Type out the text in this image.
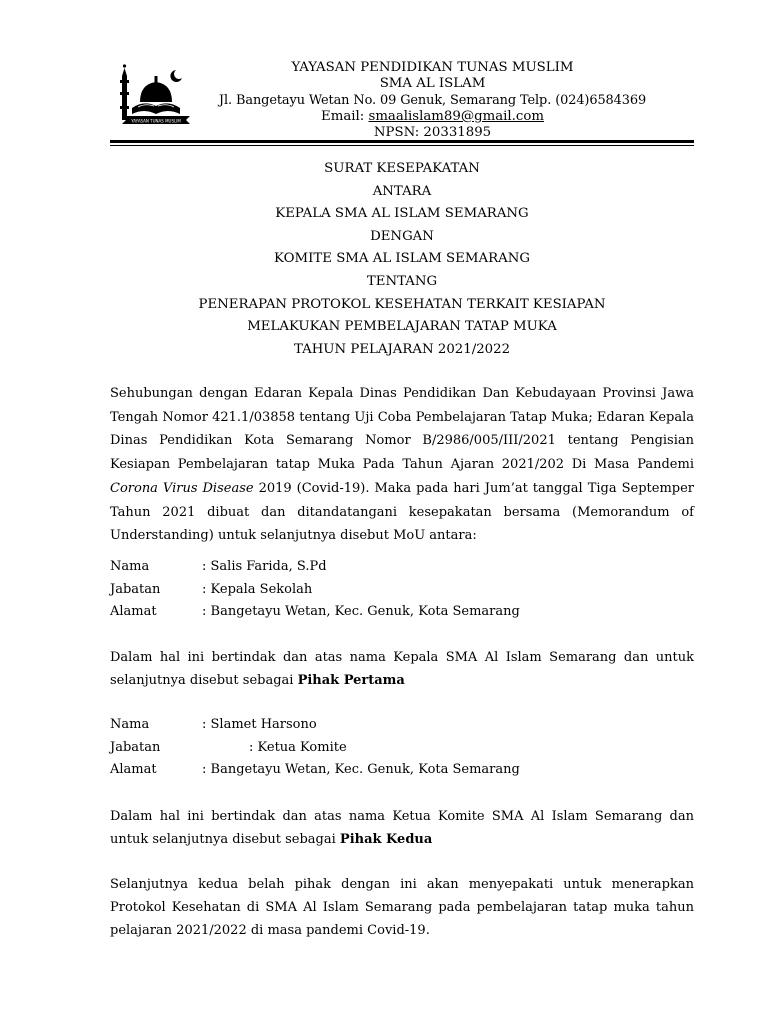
YAYASAN TUNAS MUSLIM
YAYASAN PENDIDIKAN TUNAS MUSLIM
SMA AL ISLAM
Jl. Bangetayu Wetan No. 09 Genuk, Semarang Telp. (024)6584369
Email: smaalislam89@gmail.com
NPSN: 20331895
SURAT KESEPAKATAN
ANTARA
KEPALA SMA AL ISLAM SEMARANG
DENGAN
KOMITE SMA AL ISLAM SEMARANG
TENTANG
PENERAPAN PROTOKOL KESEHATAN TERKAIT KESIAPAN
MELAKUKAN PEMBELAJARAN TATAP MUKA
TAHUN PELAJARAN 2021/2022
Sehubungan dengan Edaran Kepala Dinas Pendidikan Dan Kebudayaan Provinsi Jawa Tengah Nomor 421.1/03858 tentang Uji Coba Pembelajaran Tatap Muka; Edaran Kepala Dinas Pendidikan Kota Semarang Nomor B/2986/005/III/2021 tentang Pengisian Kesiapan Pembelajaran tatap Muka Pada Tahun Ajaran 2021/202 Di Masa Pandemi Corona Virus Disease 2019 (Covid-19). Maka pada hari Jum’at tanggal Tiga Septemper Tahun 2021 dibuat dan ditandatangani kesepakatan bersama (Memorandum of Understanding) untuk selanjutnya disebut MoU antara:
Nama	: Salis Farida, S.Pd
Jabatan	: Kepala Sekolah
Alamat	: Bangetayu Wetan, Kec. Genuk, Kota Semarang
Dalam hal ini bertindak dan atas nama Kepala SMA Al Islam Semarang dan untuk selanjutnya disebut sebagai Pihak Pertama
Nama	: Slamet Harsono
Jabatan	: Ketua Komite
Alamat	: Bangetayu Wetan, Kec. Genuk, Kota Semarang
Dalam hal ini bertindak dan atas nama Ketua Komite SMA Al Islam Semarang dan untuk selanjutnya disebut sebagai Pihak Kedua
Selanjutnya kedua belah pihak dengan ini akan menyepakati untuk menerapkan Protokol Kesehatan di SMA Al Islam Semarang pada pembelajaran tatap muka tahun pelajaran 2021/2022 di masa pandemi Covid-19.
